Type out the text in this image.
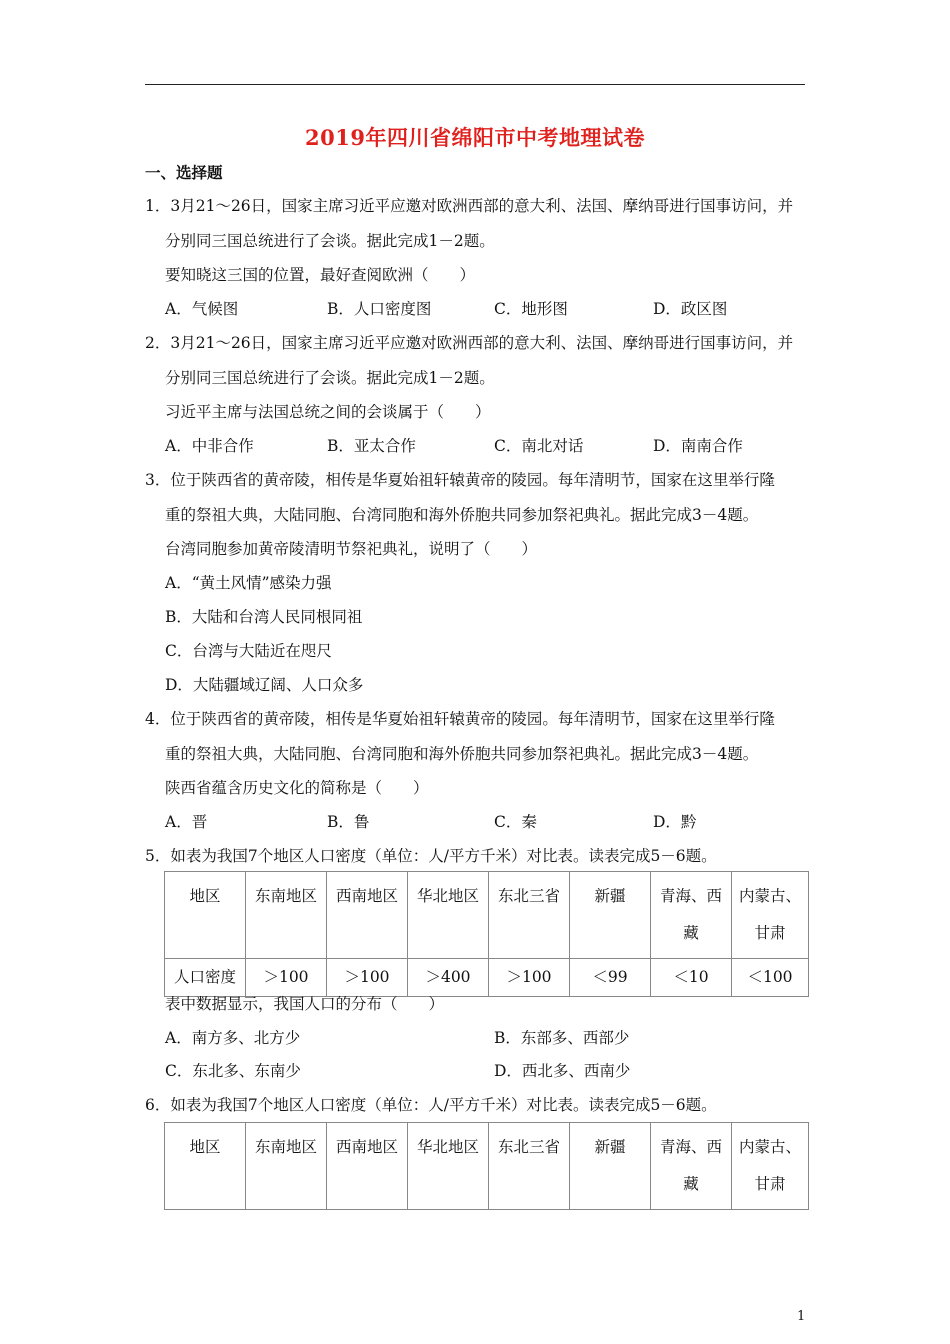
2019年四川省绵阳市中考地理试卷
一、选择题
1．3月21～26日，国家主席习近平应邀对欧洲西部的意大利、法国、摩纳哥进行国事访问，并
分别同三国总统进行了会谈。据此完成1－2题。
要知晓这三国的位置，最好查阅欧洲（　　）
A．气候图	B．人口密度图	C．地形图	D．政区图
2．3月21～26日，国家主席习近平应邀对欧洲西部的意大利、法国、摩纳哥进行国事访问，并
分别同三国总统进行了会谈。据此完成1－2题。
习近平主席与法国总统之间的会谈属于（　　）
A．中非合作	B．亚太合作	C．南北对话	D．南南合作
3．位于陕西省的黄帝陵，相传是华夏始祖轩辕黄帝的陵园。每年清明节，国家在这里举行隆
重的祭祖大典，大陆同胞、台湾同胞和海外侨胞共同参加祭祀典礼。据此完成3－4题。
台湾同胞参加黄帝陵清明节祭祀典礼，说明了（　　）
A．“黄土风情”感染力强
B．大陆和台湾人民同根同祖
C．台湾与大陆近在咫尺
D．大陆疆域辽阔、人口众多
4．位于陕西省的黄帝陵，相传是华夏始祖轩辕黄帝的陵园。每年清明节，国家在这里举行隆
重的祭祖大典，大陆同胞、台湾同胞和海外侨胞共同参加祭祀典礼。据此完成3－4题。
陕西省蕴含历史文化的简称是（　　）
A．晋	B．鲁	C．秦	D．黔
5．如表为我国7个地区人口密度（单位：人/平方千米）对比表。读表完成5－6题。
地区	东南地区	西南地区	华北地区	东北三省	新疆	青海、西藏	内蒙古、甘肃
人口密度	＞100	＞100	＞400	＞100	＜99	＜10	＜100
表中数据显示，我国人口的分布（　　）
A．南方多、北方少	B．东部多、西部少
C．东北多、东南少	D．西北多、西南少
6．如表为我国7个地区人口密度（单位：人/平方千米）对比表。读表完成5－6题。
地区	东南地区	西南地区	华北地区	东北三省	新疆	青海、西藏	内蒙古、甘肃
1
